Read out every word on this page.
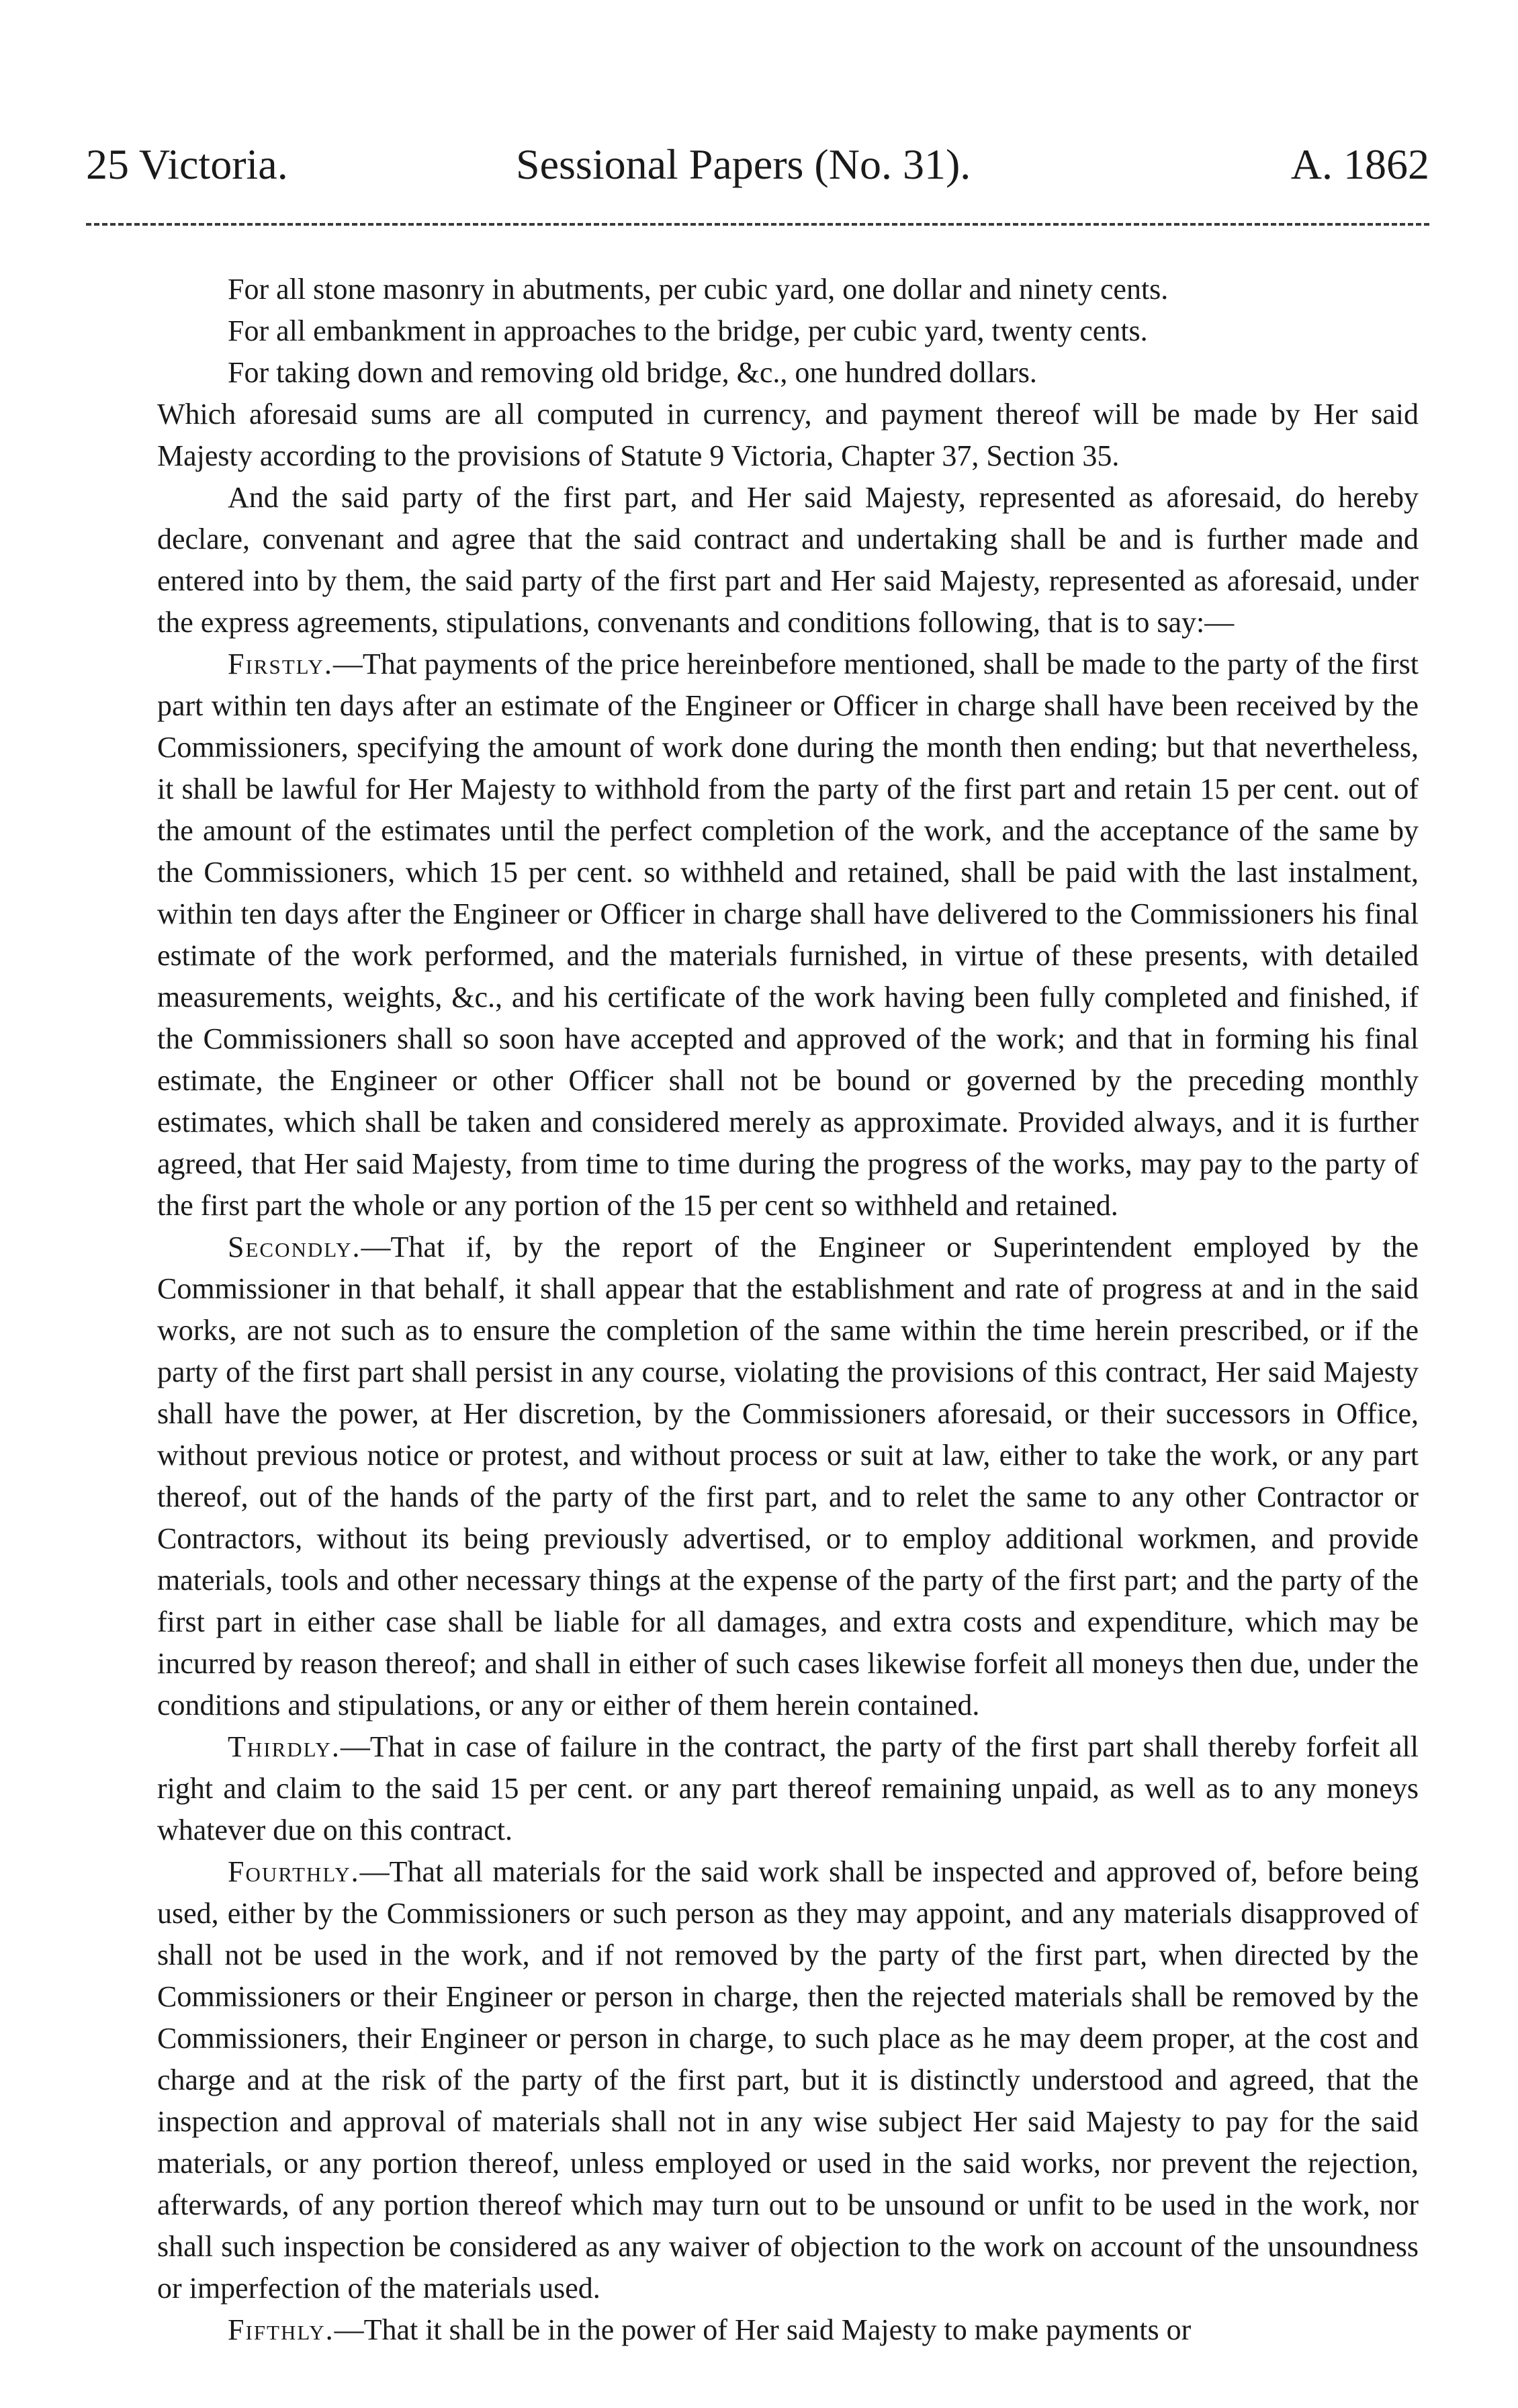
25 Victoria.	Sessional Papers (No. 31).	A. 1862

For all stone masonry in abutments, per cubic yard, one dollar and ninety cents.

For all embankment in approaches to the bridge, per cubic yard, twenty cents.

For taking down and removing old bridge, &c., one hundred dollars.

Which aforesaid sums are all computed in currency, and payment thereof will be made by Her said Majesty according to the provisions of Statute 9 Victoria, Chapter 37, Section 35.

And the said party of the first part, and Her said Majesty, represented as aforesaid, do hereby declare, convenant and agree that the said contract and undertaking shall be and is further made and entered into by them, the said party of the first part and Her said Majesty, represented as aforesaid, under the express agreements, stipulations, convenants and conditions following, that is to say:—

Firstly.—That payments of the price hereinbefore mentioned, shall be made to the party of the first part within ten days after an estimate of the Engineer or Officer in charge shall have been received by the Commissioners, specifying the amount of work done during the month then ending; but that nevertheless, it shall be lawful for Her Majesty to withhold from the party of the first part and retain 15 per cent. out of the amount of the estimates until the perfect completion of the work, and the acceptance of the same by the Commissioners, which 15 per cent. so withheld and retained, shall be paid with the last instalment, within ten days after the Engineer or Officer in charge shall have delivered to the Commissioners his final estimate of the work performed, and the materials furnished, in virtue of these presents, with detailed measurements, weights, &c., and his certificate of the work having been fully completed and finished, if the Commissioners shall so soon have accepted and approved of the work; and that in forming his final estimate, the Engineer or other Officer shall not be bound or governed by the preceding monthly estimates, which shall be taken and considered merely as approximate. Provided always, and it is further agreed, that Her said Majesty, from time to time during the progress of the works, may pay to the party of the first part the whole or any portion of the 15 per cent so withheld and retained.

Secondly.—That if, by the report of the Engineer or Superintendent employed by the Commissioner in that behalf, it shall appear that the establishment and rate of progress at and in the said works, are not such as to ensure the completion of the same within the time herein prescribed, or if the party of the first part shall persist in any course, violating the provisions of this contract, Her said Majesty shall have the power, at Her discretion, by the Commissioners aforesaid, or their successors in Office, without previous notice or protest, and without process or suit at law, either to take the work, or any part thereof, out of the hands of the party of the first part, and to relet the same to any other Contractor or Contractors, without its being previously advertised, or to employ additional workmen, and provide materials, tools and other necessary things at the expense of the party of the first part; and the party of the first part in either case shall be liable for all damages, and extra costs and expenditure, which may be incurred by reason thereof; and shall in either of such cases likewise forfeit all moneys then due, under the conditions and stipulations, or any or either of them herein contained.

Thirdly.—That in case of failure in the contract, the party of the first part shall thereby forfeit all right and claim to the said 15 per cent. or any part thereof remaining unpaid, as well as to any moneys whatever due on this contract.

Fourthly.—That all materials for the said work shall be inspected and approved of, before being used, either by the Commissioners or such person as they may appoint, and any materials disapproved of shall not be used in the work, and if not removed by the party of the first part, when directed by the Commissioners or their Engineer or person in charge, then the rejected materials shall be removed by the Commissioners, their Engineer or person in charge, to such place as he may deem proper, at the cost and charge and at the risk of the party of the first part, but it is distinctly understood and agreed, that the inspection and approval of materials shall not in any wise subject Her said Majesty to pay for the said materials, or any portion thereof, unless employed or used in the said works, nor prevent the rejection, afterwards, of any portion thereof which may turn out to be unsound or unfit to be used in the work, nor shall such inspection be considered as any waiver of objection to the work on account of the unsoundness or imperfection of the materials used.

Fifthly.—That it shall be in the power of Her said Majesty to make payments or
